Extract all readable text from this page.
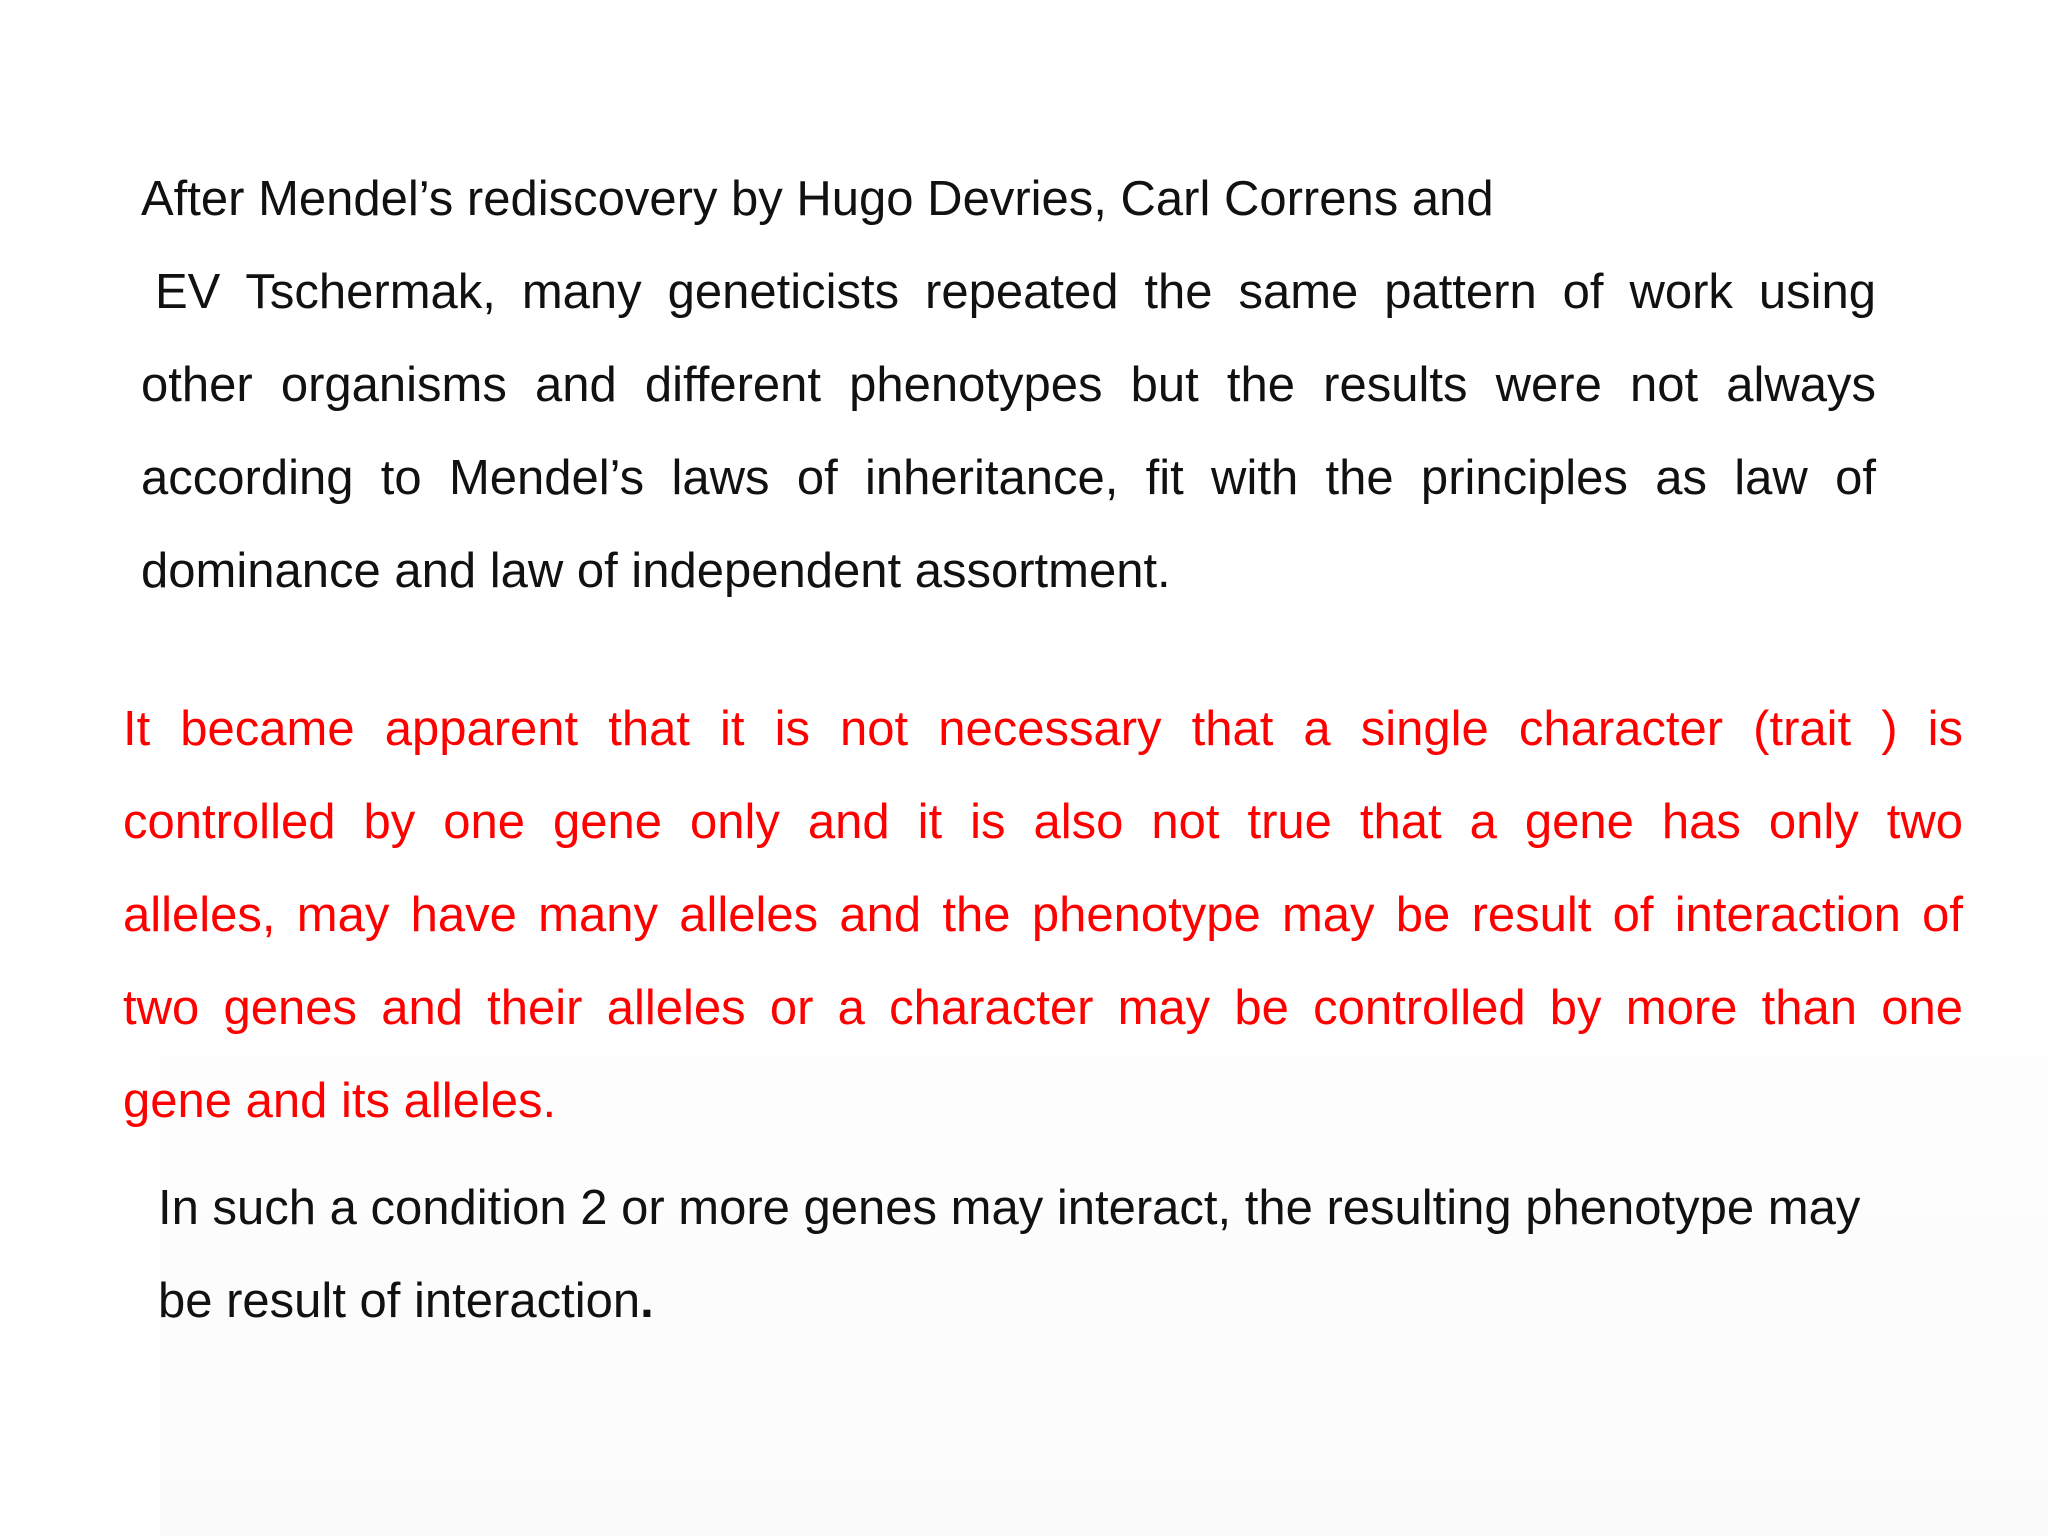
After Mendel’s rediscovery by Hugo Devries, Carl Correns and
EV Tschermak, many geneticists repeated the same pattern of work using
other organisms and different phenotypes but the results were not always
according to Mendel’s laws of inheritance, fit with the principles as law of
dominance and law of independent assortment.
It became apparent that it is not necessary that a single character (trait ) is
controlled by one gene only and it is also not true that a gene has only two
alleles, may have many alleles and the phenotype may be result of interaction of
two genes and their alleles or a character may be controlled by more than one
gene and its alleles.
In such a condition 2 or more genes may interact, the resulting phenotype may
be result of interaction.
